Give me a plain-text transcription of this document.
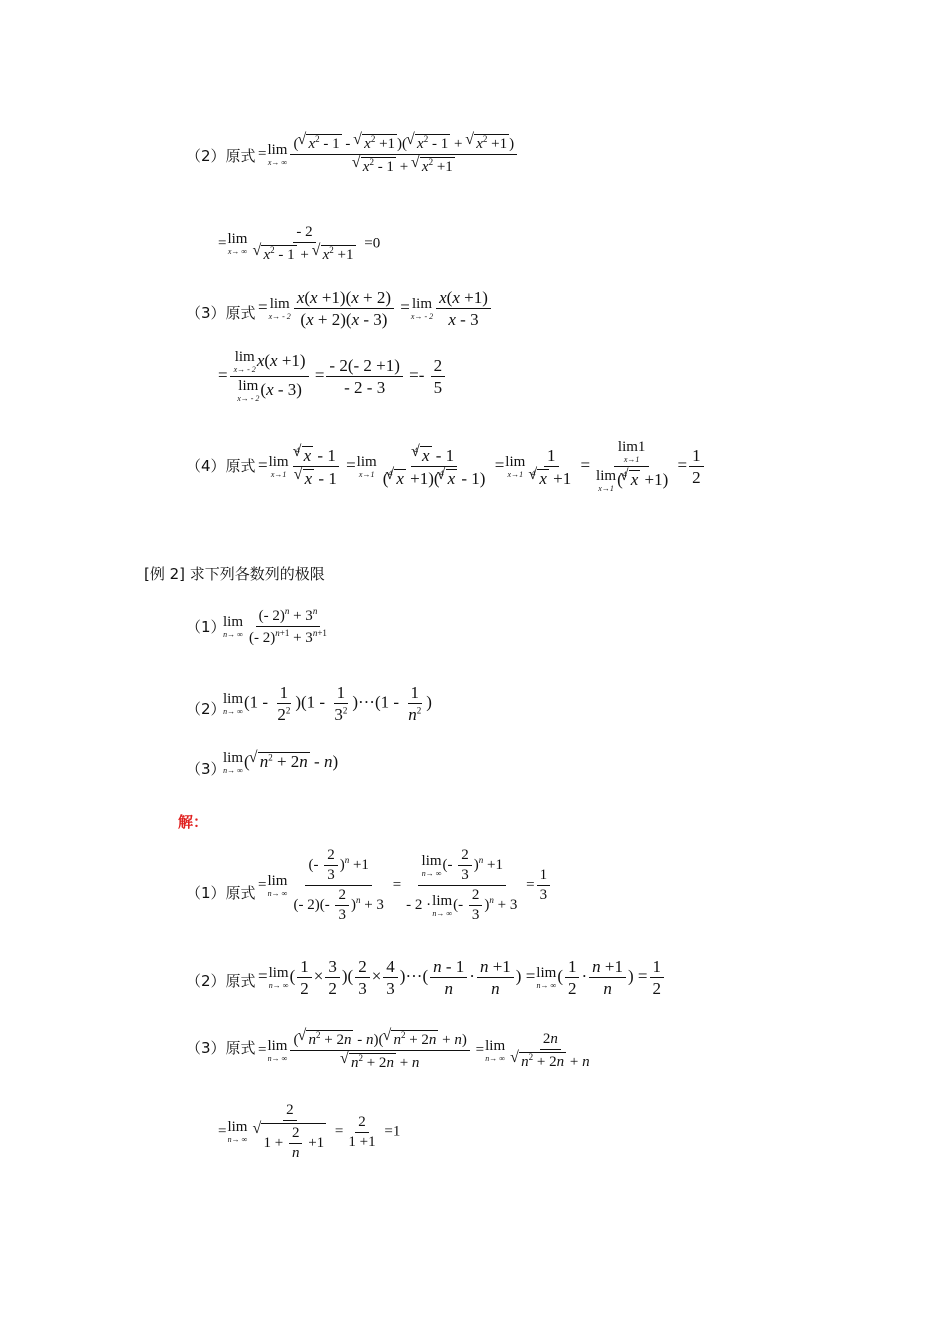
（2）原式 = lim
x→ ∞ (√ $x^2 - 1$ - √ $x^2 +1$ )(√ $x^2 - 1$ + √ $x^2 +1$ )
√ $x^2 - 1$ + √ $x^2 +1$
= lim
x→ ∞ - 2
√ $x^2 - 1$ + √ $x^2 +1 =0$
（3）原式 = lim
$x\to - 2 \frac{x(x +1)(x + 2)}{(x + 2)(x - 3)} = \lim$
$x\to - 2 \frac{x(x +1)}{x - 3}$
= lim
x→ - 2 x(x +1)
lim
x→ - 2 $(x - 3) = \frac{- 2(- 2 +1)}{- 2 - 3} =- \frac{2}{5}$
（4）原式 = lim
x→1 $^4$√ x - 1
√ x - 1 = lim
$x\to 1 \frac{^4√ x - 1}{(^4√ x +1)(^4√ x - 1)} = \lim$
$x\to 1 \frac{1}{^4√ x +1} = \lim 1$
x→1
lim
x→1 ($^4$√ $x +1) = \frac{1}{2}$
[例 2] 求下列各数列的极限
（1）
lim
n→ ∞ $\frac{(- 2)^n + 3^n}{(- 2)^{n+1} + 3^{n+1}}$
（2）
lim
n→ ∞ $(1 - \frac{1}{2^2} )(1 - \frac{1}{3^2} )\cdot\cdot\cdot(1 - \frac{1}{n^2}$ )
（3）
lim
n→ ∞ (√ $n^2 + 2n - n$)
解：
（1）原式 = lim
n→ ∞ $\frac{(- \frac{2}{3} )^n +1}{(- 2)(- \frac{2}{3} )^n + 3} = \lim$
n→ ∞
(- $\frac{2}{3} )^n +1$
- 2 · lim
n→ ∞
(- $\frac{2}{3} )^n + 3 = \frac{1}{3}$
（2）原式 = lim
n→ ∞ ( $\frac{1}{2} \times \frac{3}{2}$ )( $\frac{2}{3} \times \frac{4}{3}$ )···( $\frac{n - 1}{n} \cdot \frac{n +1}{n}$ ) = lim
n→ ∞ ( $\frac{1}{2} \cdot \frac{n +1}{n}$ ) = $\frac{1}{2}$
（3）原式 = lim
n→ ∞ (√ $n^2 + 2n - n)(√$ $n^2 + 2n + n$)
√ $n^2 + 2n + n = \lim$
n→ ∞ 2n
√ $n^2 + 2n + n$
= lim
n→ ∞ 2
√ $1 + \frac{2}{n} +1 = \frac{2}{1 +1} =1$
